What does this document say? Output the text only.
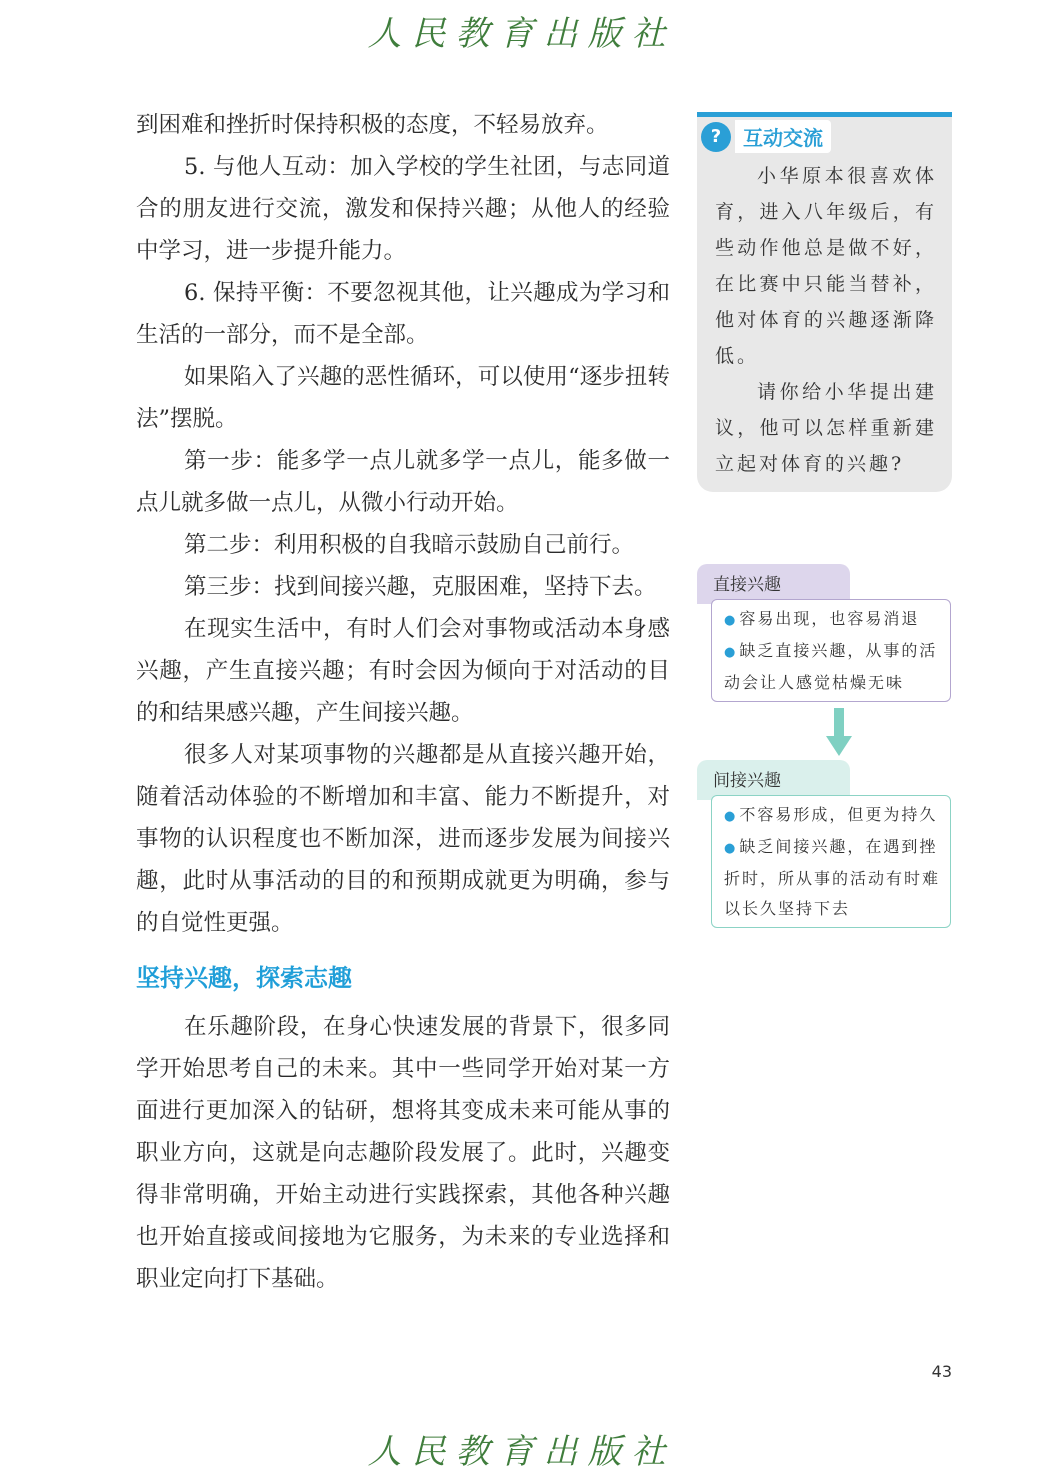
人民教育出版社

到困难和挫折时保持积极的态度，不轻易放弃。

5. 与他人互动：加入学校的学生社团，与志同道合的朋友进行交流，激发和保持兴趣；从他人的经验中学习，进一步提升能力。

6. 保持平衡：不要忽视其他，让兴趣成为学习和生活的一部分，而不是全部。

如果陷入了兴趣的恶性循环，可以使用“逐步扭转法”摆脱。

第一步：能多学一点儿就多学一点儿，能多做一点儿就多做一点儿，从微小行动开始。

第二步：利用积极的自我暗示鼓励自己前行。

第三步：找到间接兴趣，克服困难，坚持下去。

在现实生活中，有时人们会对事物或活动本身感兴趣，产生直接兴趣；有时会因为倾向于对活动的目的和结果感兴趣，产生间接兴趣。

很多人对某项事物的兴趣都是从直接兴趣开始，随着活动体验的不断增加和丰富、能力不断提升，对事物的认识程度也不断加深，进而逐步发展为间接兴趣，此时从事活动的目的和预期成就更为明确，参与的自觉性更强。

坚持兴趣，探索志趣

在乐趣阶段，在身心快速发展的背景下，很多同学开始思考自己的未来。其中一些同学开始对某一方面进行更加深入的钻研，想将其变成未来可能从事的职业方向，这就是向志趣阶段发展了。此时，兴趣变得非常明确，开始主动进行实践探索，其他各种兴趣也开始直接或间接地为它服务，为未来的专业选择和职业定向打下基础。

?	互动交流

小华原本很喜欢体育，进入八年级后，有些动作他总是做不好，在比赛中只能当替补，他对体育的兴趣逐渐降低。

请你给小华提出建议，他可以怎样重新建立起对体育的兴趣?

直接兴趣

● 容易出现，也容易消退

● 缺乏直接兴趣，从事的活动会让人感觉枯燥无味

间接兴趣

● 不容易形成，但更为持久

● 缺乏间接兴趣，在遇到挫折时，所从事的活动有时难以长久坚持下去

43
人民教育出版社
